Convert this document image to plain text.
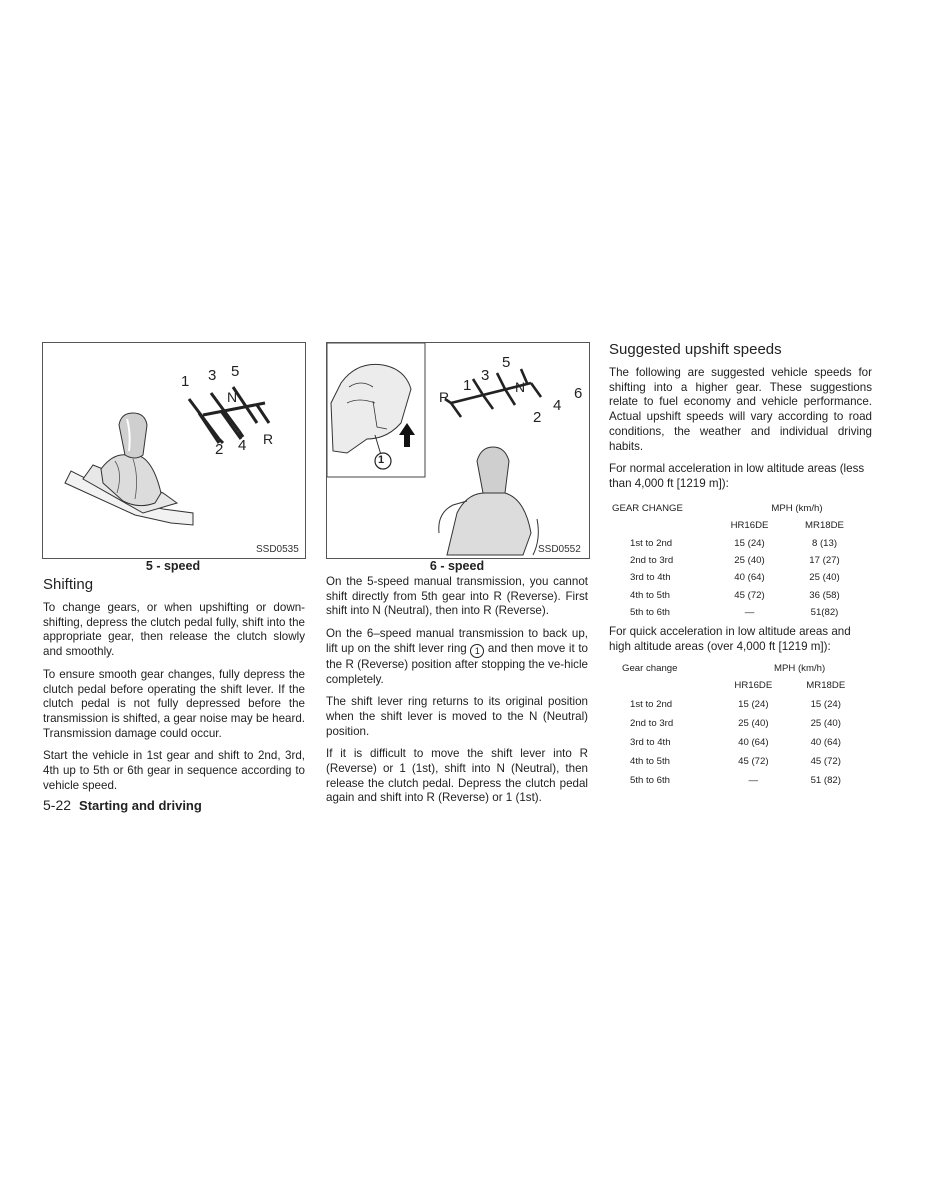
1 3 5
N
2 4 R
SSD0535
5 - speed
1
5
3
1	N	6
R	4
2
SSD0552
6 - speed
Shifting

To change gears, or when upshifting or down-shifting, depress the clutch pedal fully, shift into the appropriate gear, then release the clutch slowly and smoothly.

To ensure smooth gear changes, fully depress the clutch pedal before operating the shift lever. If the clutch pedal is not fully depressed before the transmission is shifted, a gear noise may be heard. Transmission damage could occur.

Start the vehicle in 1st gear and shift to 2nd, 3rd, 4th up to 5th or 6th gear in sequence according to vehicle speed.

On the 5-speed manual transmission, you cannot shift directly from 5th gear into R (Reverse). First shift into N (Neutral), then into R (Reverse).

On the 6–speed manual transmission to back up, lift up on the shift lever ring 1 and then move it to the R (Reverse) position after stopping the ve-hicle completely.

The shift lever ring returns to its original position when the shift lever is moved to the N (Neutral) position.

If it is difficult to move the shift lever into R (Reverse) or 1 (1st), shift into N (Neutral), then release the clutch pedal. Depress the clutch pedal again and shift into R (Reverse) or 1 (1st).

Suggested upshift speeds

The following are suggested vehicle speeds for shifting into a higher gear. These suggestions relate to fuel economy and vehicle performance. Actual upshift speeds will vary according to road conditions, the weather and individual driving habits.

For normal acceleration in low altitude areas (less than 4,000 ft [1219 m]):

GEAR CHANGE	MPH (km/h)	
	HR16DE	MR18DE
1st to 2nd	15 (24)	8 (13)
2nd to 3rd	25 (40)	17 (27)
3rd to 4th	40 (64)	25 (40)
4th to 5th	45 (72)	36 (58)
5th to 6th	—	51(82)

For quick acceleration in low altitude areas and high altitude areas (over 4,000 ft [1219 m]):

Gear change	MPH (km/h)	
	HR16DE	MR18DE
1st to 2nd	15 (24)	15 (24)
2nd to 3rd	25 (40)	25 (40)
3rd to 4th	40 (64)	40 (64)
4th to 5th	45 (72)	45 (72)
5th to 6th	—	51 (82)
5-22 Starting and driving
